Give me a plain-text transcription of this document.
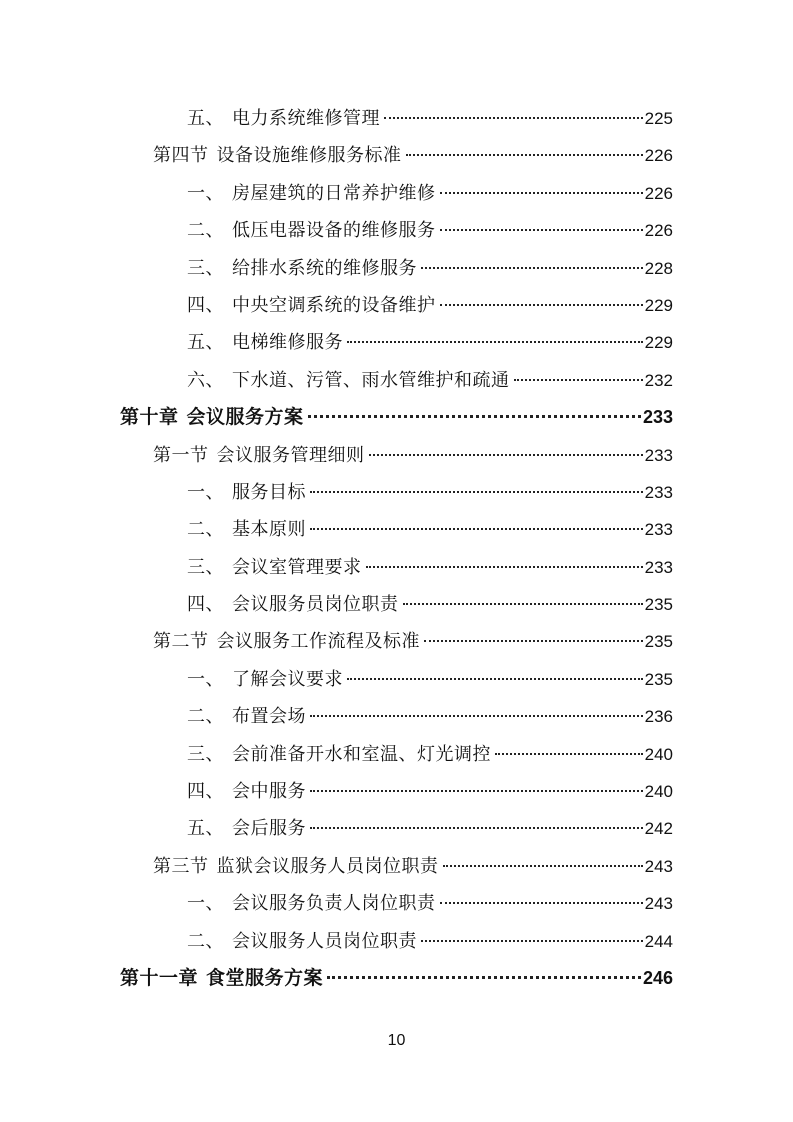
五、 电力系统维修管理	225
第四节 设备设施维修服务标准	226
一、 房屋建筑的日常养护维修	226
二、 低压电器设备的维修服务	226
三、 给排水系统的维修服务	228
四、 中央空调系统的设备维护	229
五、 电梯维修服务	229
六、 下水道、污管、雨水管维护和疏通	232
第十章 会议服务方案	233
第一节 会议服务管理细则	233
一、 服务目标	233
二、 基本原则	233
三、 会议室管理要求	233
四、 会议服务员岗位职责	235
第二节 会议服务工作流程及标准	235
一、 了解会议要求	235
二、 布置会场	236
三、 会前准备开水和室温、灯光调控	240
四、 会中服务	240
五、 会后服务	242
第三节 监狱会议服务人员岗位职责	243
一、 会议服务负责人岗位职责	243
二、 会议服务人员岗位职责	244
第十一章 食堂服务方案	246
10
